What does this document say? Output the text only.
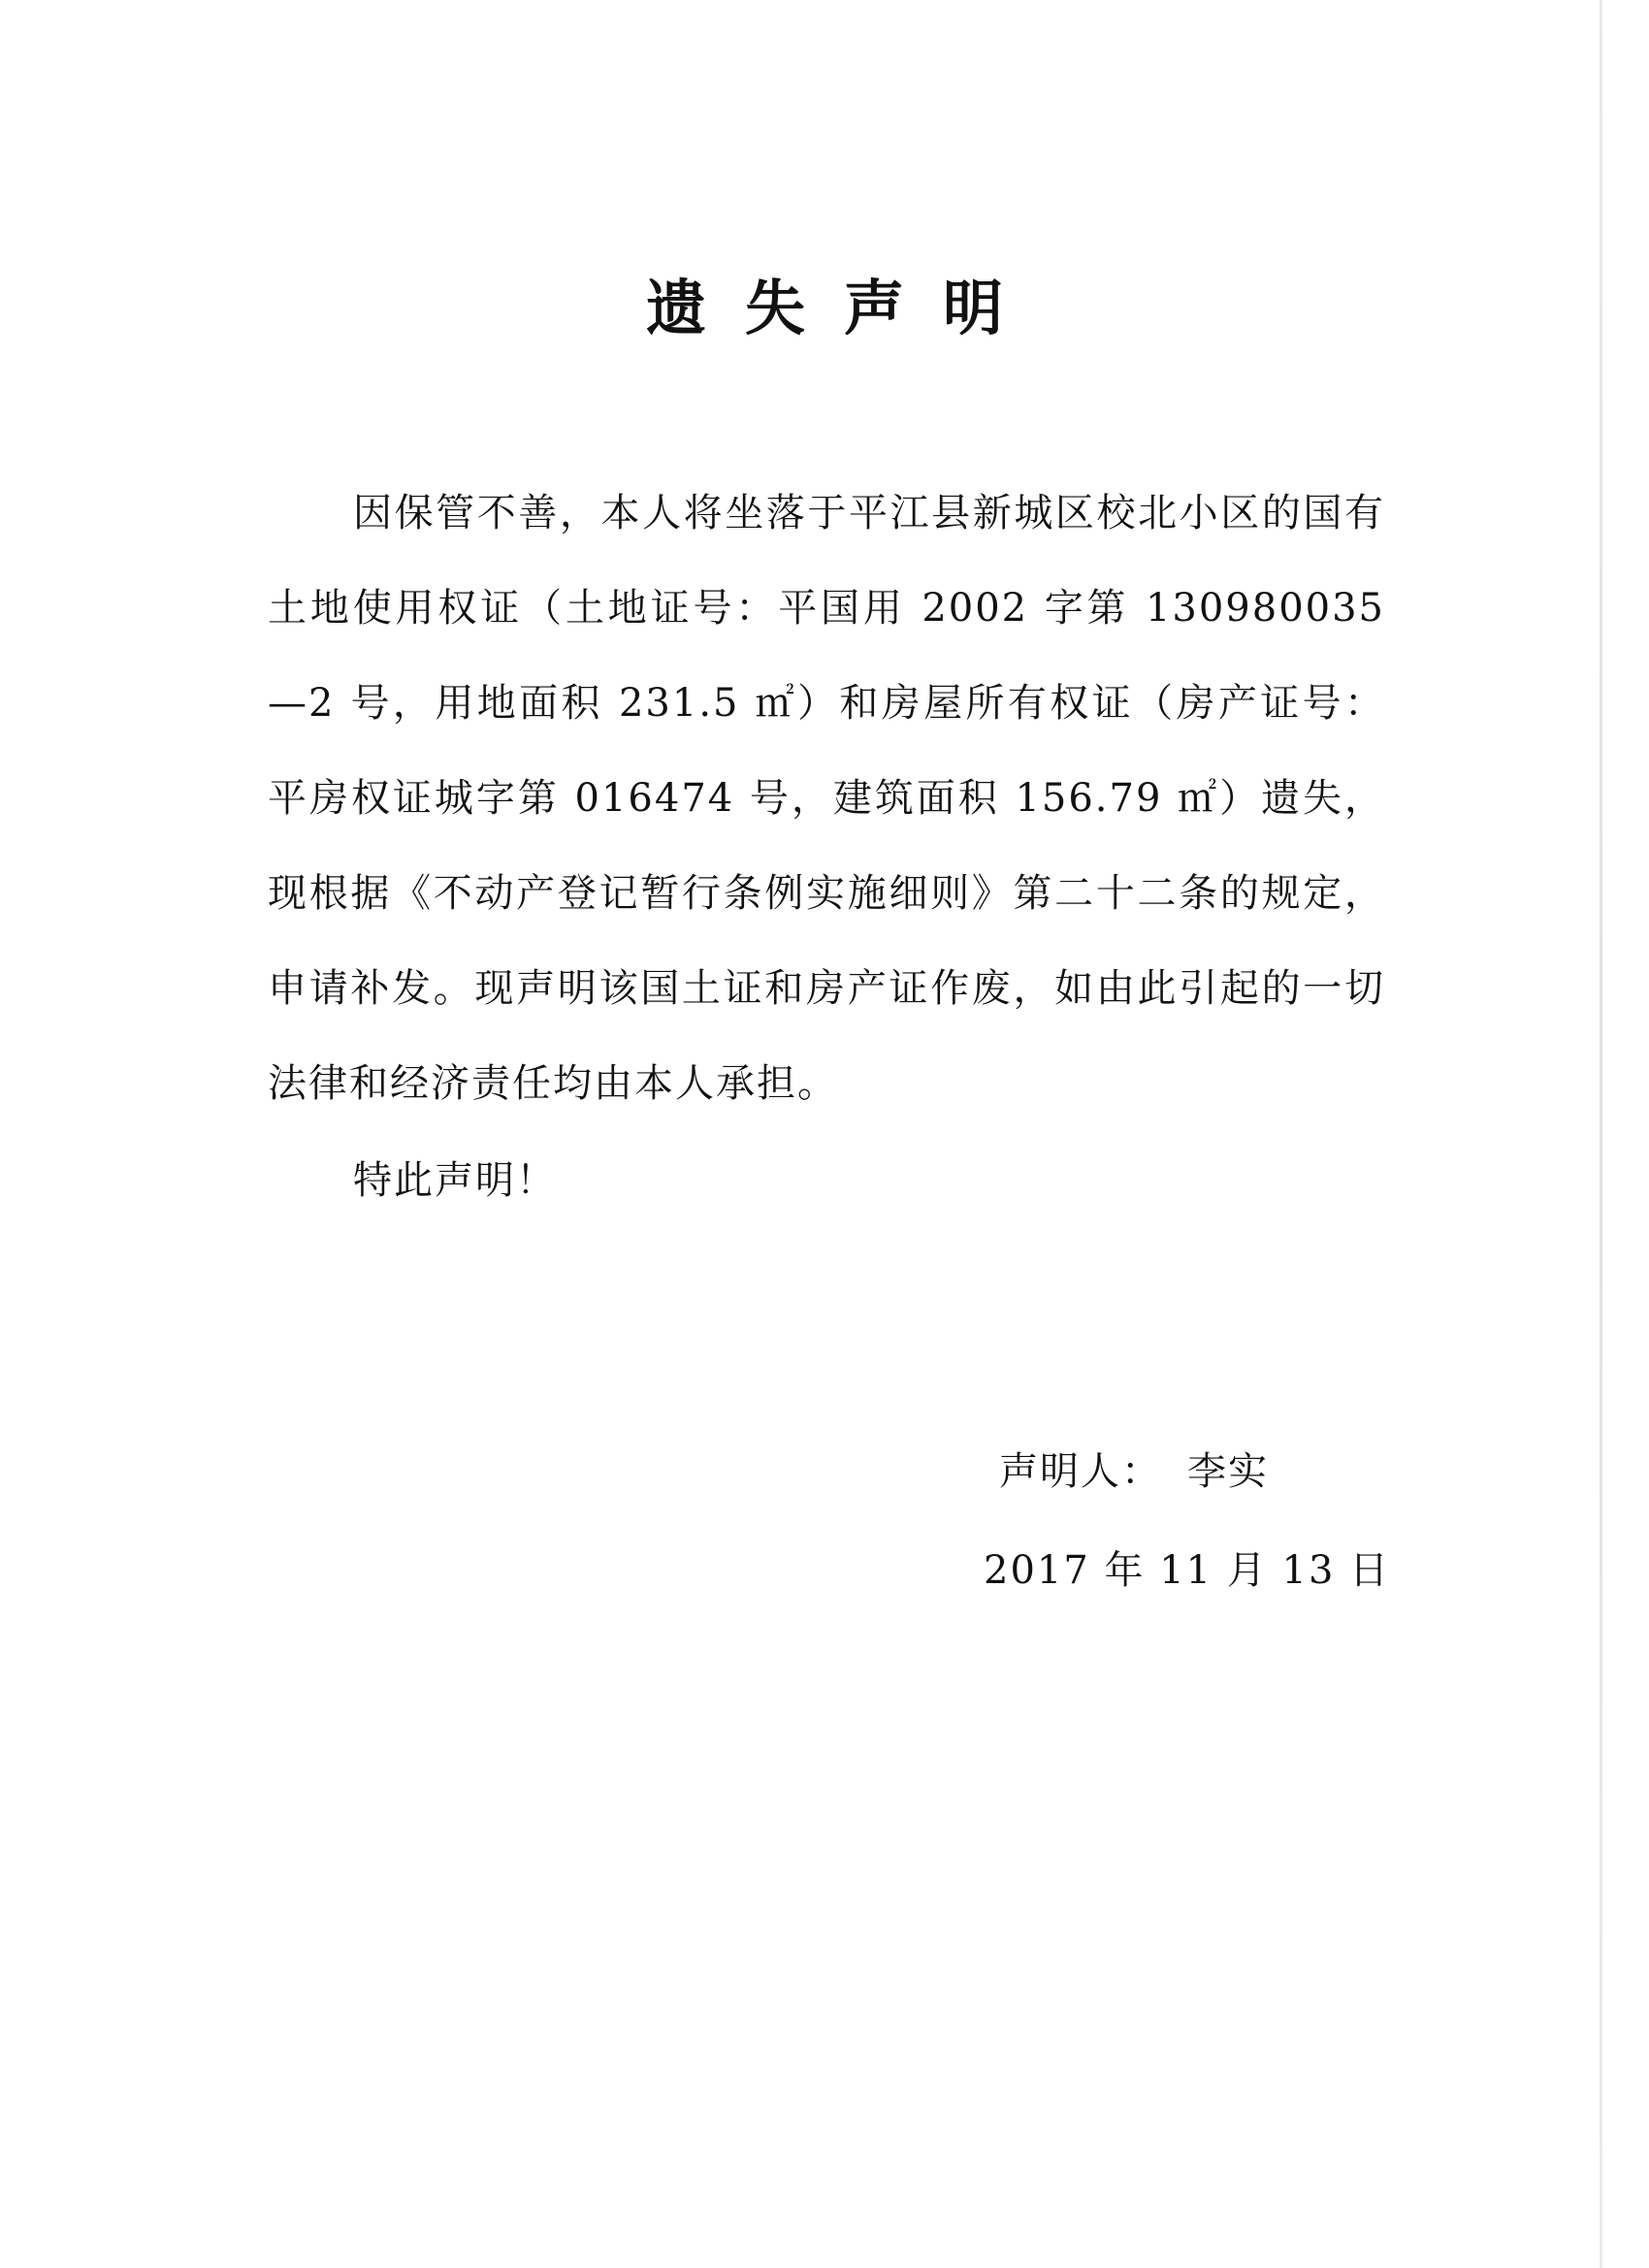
遗失声明

因保管不善，本人将坐落于平江县新城区校北小区的国有土地使用权证（土地证号：平国用 2002 字第 130980035—2 号，用地面积 231.5 ㎡）和房屋所有权证（房产证号：平房权证城字第 016474 号，建筑面积 156.79 ㎡）遗失，现根据《不动产登记暂行条例实施细则》第二十二条的规定，申请补发。现声明该国土证和房产证作废，如由此引起的一切法律和经济责任均由本人承担。

特此声明！
声明人： 李实
2017 年 11 月 13 日
